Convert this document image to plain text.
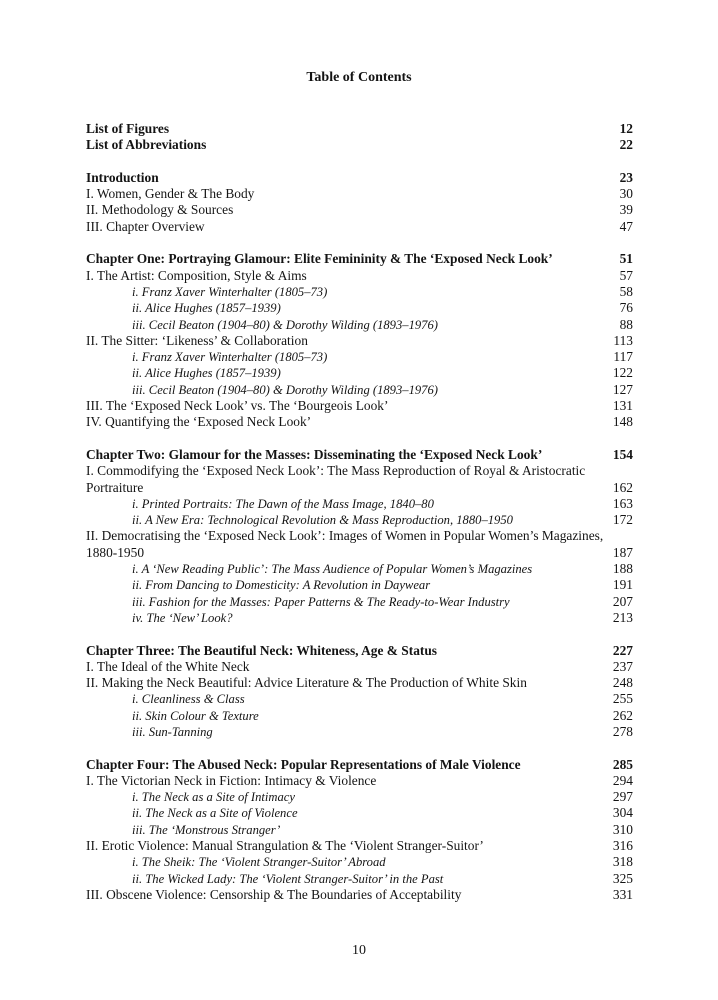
Table of Contents
List of Figures	12
List of Abbreviations	22
Introduction	23
I. Women, Gender & The Body	30
II. Methodology & Sources	39
III. Chapter Overview	47
Chapter One: Portraying Glamour: Elite Femininity & The ‘Exposed Neck Look’	51
I. The Artist: Composition, Style & Aims	57
i. Franz Xaver Winterhalter (1805–73)	58
ii. Alice Hughes (1857–1939)	76
iii. Cecil Beaton (1904–80) & Dorothy Wilding (1893–1976)	88
II. The Sitter: ‘Likeness’ & Collaboration	113
i. Franz Xaver Winterhalter (1805–73)	117
ii. Alice Hughes (1857–1939)	122
iii. Cecil Beaton (1904–80) & Dorothy Wilding (1893–1976)	127
III. The ‘Exposed Neck Look’ vs. The ‘Bourgeois Look’	131
IV. Quantifying the ‘Exposed Neck Look’	148
Chapter Two: Glamour for the Masses: Disseminating the ‘Exposed Neck Look’	154
I. Commodifying the ‘Exposed Neck Look’: The Mass Reproduction of Royal & Aristocratic
Portraiture	162
i. Printed Portraits: The Dawn of the Mass Image, 1840–80	163
ii. A New Era: Technological Revolution & Mass Reproduction, 1880–1950	172
II. Democratising the ‘Exposed Neck Look’: Images of Women in Popular Women’s Magazines,
1880-1950	187
i. A ‘New Reading Public’: The Mass Audience of Popular Women’s Magazines	188
ii. From Dancing to Domesticity: A Revolution in Daywear	191
iii. Fashion for the Masses: Paper Patterns & The Ready-to-Wear Industry	207
iv. The ‘New’ Look?	213
Chapter Three: The Beautiful Neck: Whiteness, Age & Status	227
I. The Ideal of the White Neck	237
II. Making the Neck Beautiful: Advice Literature & The Production of White Skin	248
i. Cleanliness & Class	255
ii. Skin Colour & Texture	262
iii. Sun-Tanning	278
Chapter Four: The Abused Neck: Popular Representations of Male Violence	285
I. The Victorian Neck in Fiction: Intimacy & Violence	294
i. The Neck as a Site of Intimacy	297
ii. The Neck as a Site of Violence	304
iii. The ‘Monstrous Stranger’	310
II. Erotic Violence: Manual Strangulation & The ‘Violent Stranger-Suitor’	316
i. The Sheik: The ‘Violent Stranger-Suitor’ Abroad	318
ii. The Wicked Lady: The ‘Violent Stranger-Suitor’ in the Past	325
III. Obscene Violence: Censorship & The Boundaries of Acceptability	331
10
